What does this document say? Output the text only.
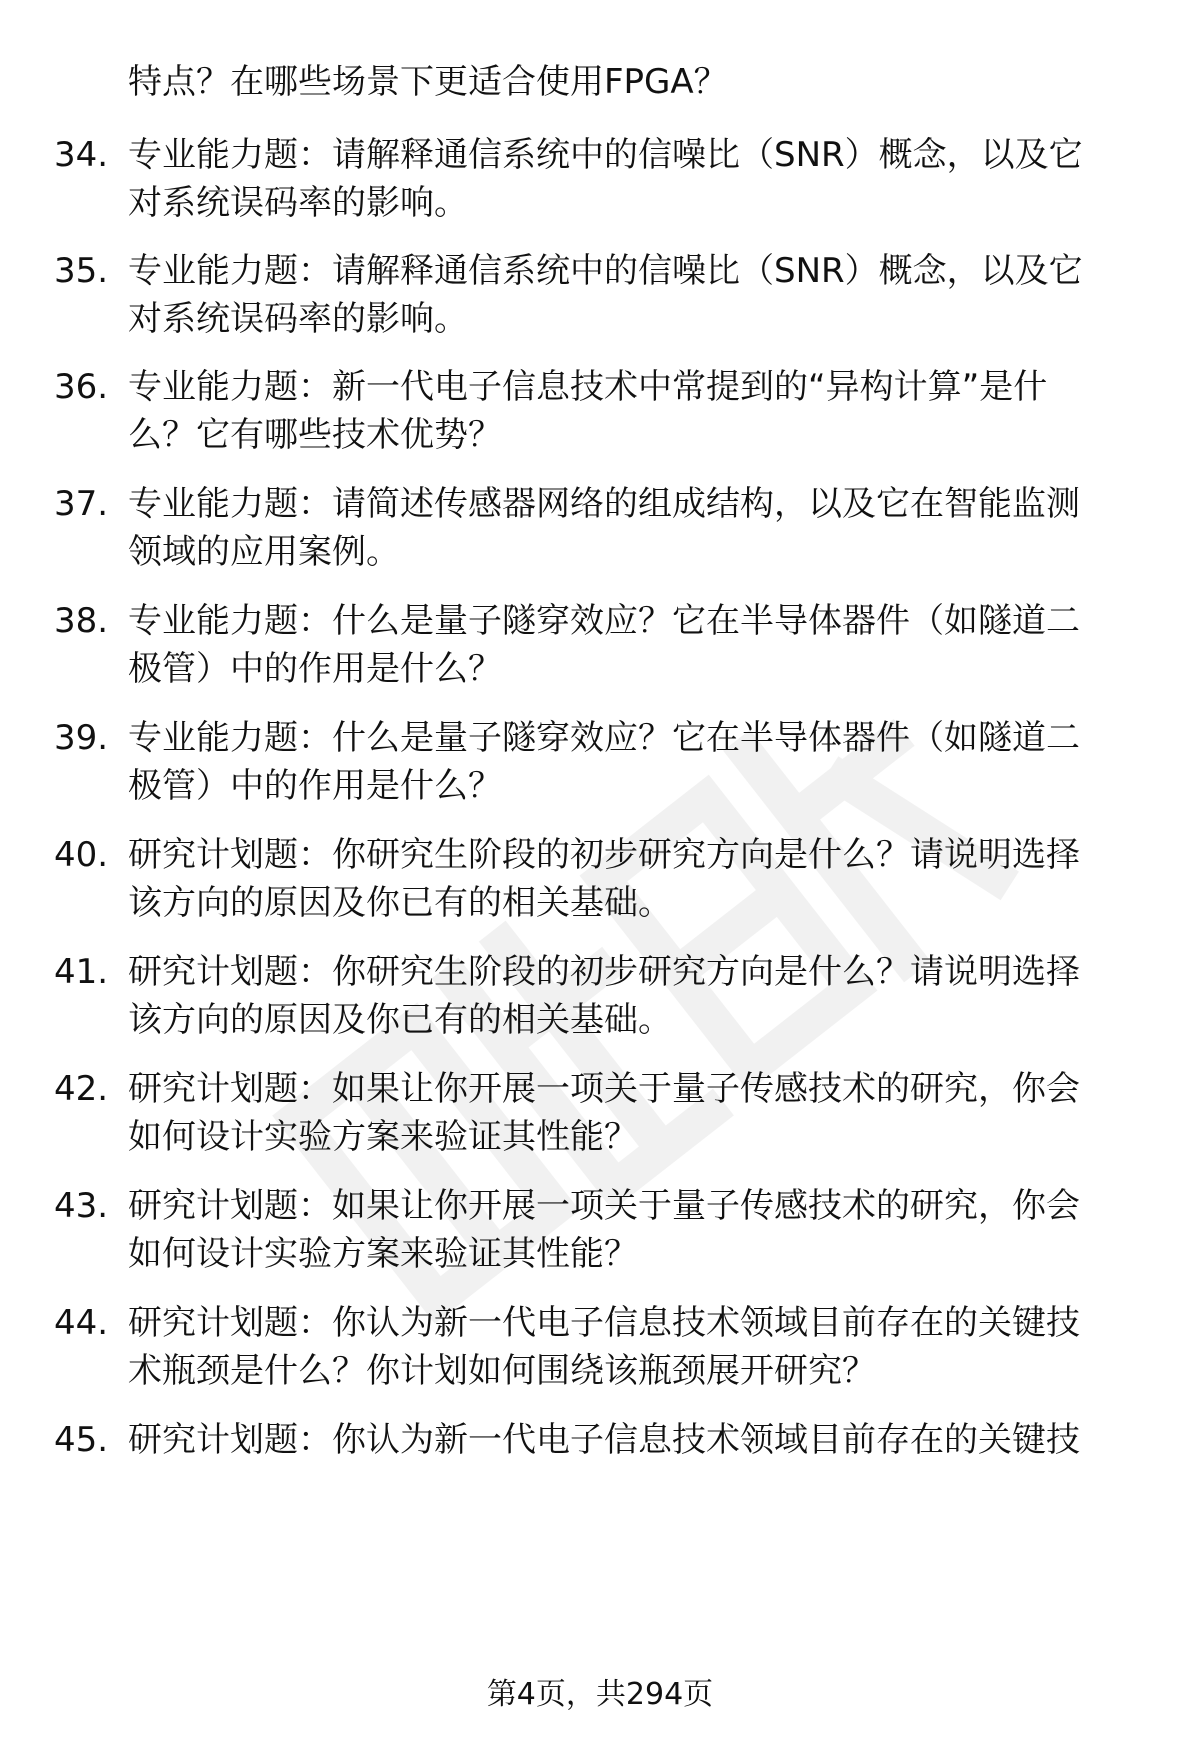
特点？在哪些场景下更适合使用FPGA？
34. 专业能力题：请解释通信系统中的信噪比（SNR）概念，以及它
对系统误码率的影响。
35. 专业能力题：请解释通信系统中的信噪比（SNR）概念，以及它
对系统误码率的影响。
36. 专业能力题：新一代电子信息技术中常提到的“异构计算”是什
么？它有哪些技术优势？
37. 专业能力题：请简述传感器网络的组成结构，以及它在智能监测
领域的应用案例。
38. 专业能力题：什么是量子隧穿效应？它在半导体器件（如隧道二
极管）中的作用是什么？
39. 专业能力题：什么是量子隧穿效应？它在半导体器件（如隧道二
极管）中的作用是什么？
40. 研究计划题：你研究生阶段的初步研究方向是什么？请说明选择
该方向的原因及你已有的相关基础。
41. 研究计划题：你研究生阶段的初步研究方向是什么？请说明选择
该方向的原因及你已有的相关基础。
42. 研究计划题：如果让你开展一项关于量子传感技术的研究，你会
如何设计实验方案来验证其性能？
43. 研究计划题：如果让你开展一项关于量子传感技术的研究，你会
如何设计实验方案来验证其性能？
44. 研究计划题：你认为新一代电子信息技术领域目前存在的关键技
术瓶颈是什么？你计划如何围绕该瓶颈展开研究？
45. 研究计划题：你认为新一代电子信息技术领域目前存在的关键技
第4页，共294页
